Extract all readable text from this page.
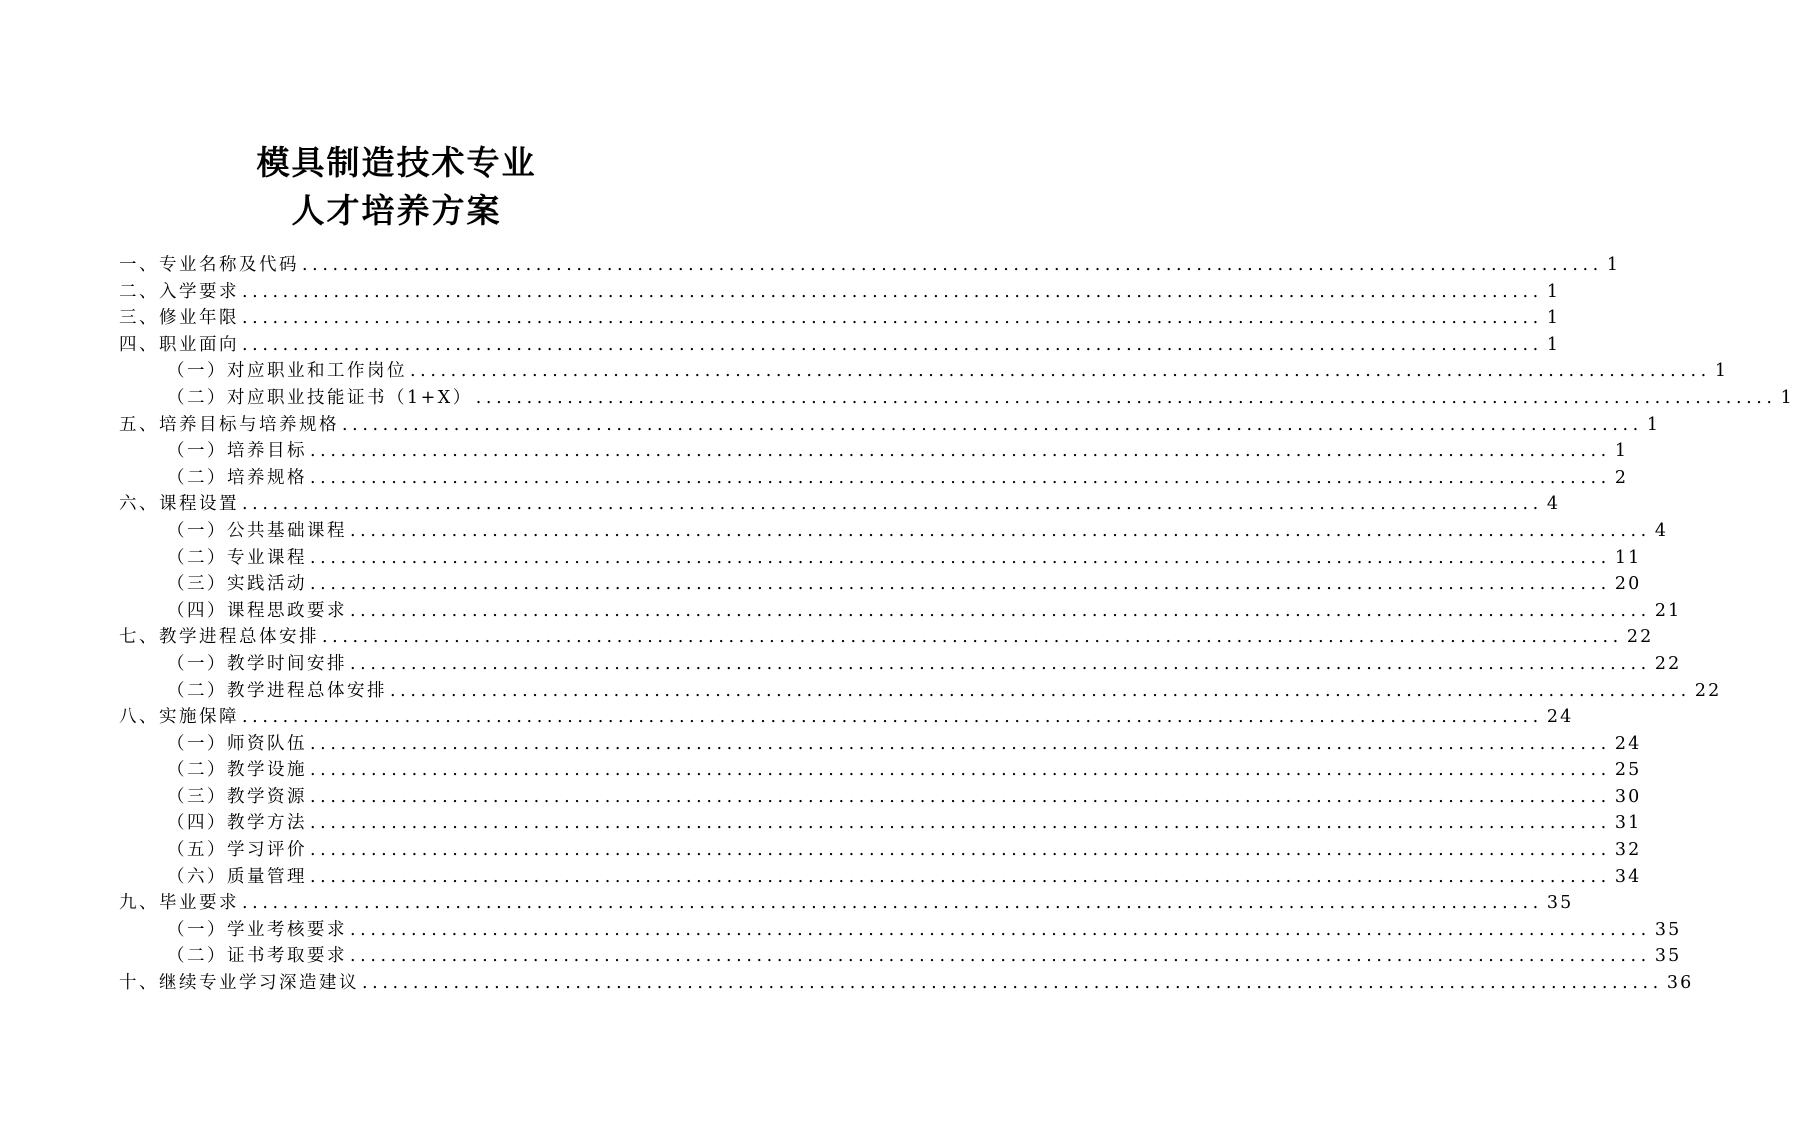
模具制造技术专业
人才培养方案
一、专业名称及代码 ................................................................................................................................ 1
二、入学要求 ................................................................................................................................ 1
三、修业年限 ................................................................................................................................ 1
四、职业面向 ................................................................................................................................ 1
（一）对应职业和工作岗位 ................................................................................................................................ 1
（二）对应职业技能证书（1+X） ................................................................................................................................ 1
五、培养目标与培养规格 ................................................................................................................................ 1
（一）培养目标 ................................................................................................................................ 1
（二）培养规格 ................................................................................................................................ 2
六、课程设置 ................................................................................................................................ 4
（一）公共基础课程 ................................................................................................................................ 4
（二）专业课程 ................................................................................................................................ 11
（三）实践活动 ................................................................................................................................ 20
（四）课程思政要求 ................................................................................................................................ 21
七、教学进程总体安排 ................................................................................................................................ 22
（一）教学时间安排 ................................................................................................................................ 22
（二）教学进程总体安排 ................................................................................................................................ 22
八、实施保障 ................................................................................................................................ 24
（一）师资队伍 ................................................................................................................................ 24
（二）教学设施 ................................................................................................................................ 25
（三）教学资源 ................................................................................................................................ 30
（四）教学方法 ................................................................................................................................ 31
（五）学习评价 ................................................................................................................................ 32
（六）质量管理 ................................................................................................................................ 34
九、毕业要求 ................................................................................................................................ 35
（一）学业考核要求 ................................................................................................................................ 35
（二）证书考取要求 ................................................................................................................................ 35
十、继续专业学习深造建议 ................................................................................................................................ 36
